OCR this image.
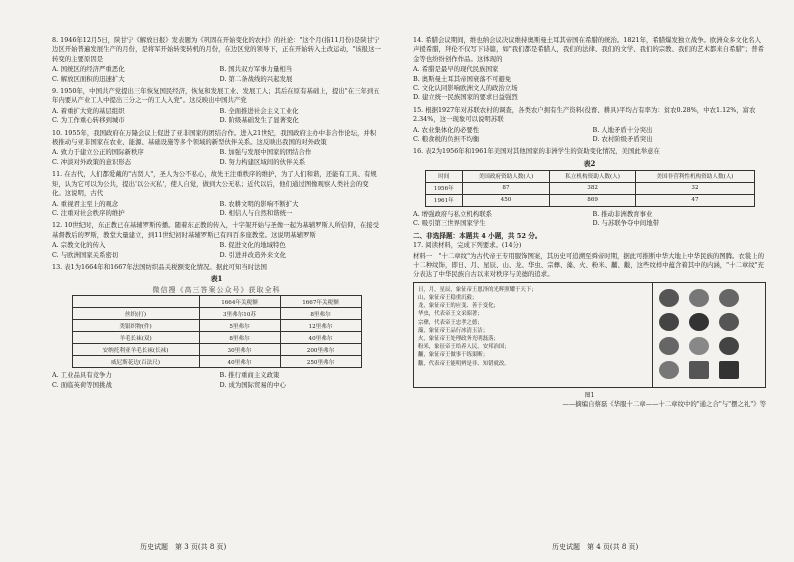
8. 1946年12月5日，陕甘宁《解放日报》发表题为《巩固在开始变化的农村》的社论："这个月(指11月份)是陕甘宁边区开始普遍发展生产的月份，是将军开始转变转机的月份，在边区党的领导下，正在开始转入土改运动，"该报这一转变的主要原因是
A. 国统区的经济严重恶化	B. 国共双方军事力量相当
C. 解放区面积的迅速扩大	D. 第二条战线的兴起发展
9. 1950年，中国共产党提出三年恢复国民经济，恢复和发展工业、发展工人；其后在原有基础上，提出"在三年到五年内要从产业工人中提出三分之一的工人入党"。这反映出中国共产党
A. 着重扩大党的基层组织	B. 全面推进社会主义工业化
C. 为工作重心转移到城市	D. 阶级基础发生了显著变化
10. 1955年，我国政府在万隆会议上促进了亚非国家的团结合作。进入21世纪，我国政府主办中非合作论坛，并积极推动与亚非国家在农业、能源、基础设施等多个领域的新型伙伴关系。这反映出我国的对外政策
A. 致力于建立公正的国际新秩序	B. 加强与发展中国家的团结合作
C. 冲淡对外政策的意识形态	D. 努力构建区域间的伙伴关系
11. 在古代，人们都爱戴的"古贤人"，圣人为公不私心，故先王注重秩序的维护，为了人们和谐，还能有工具、有规矩，认为它可以为公共，提出'以公灭私'，使人自觉，做到大公无私；近代以后，他们通过图像观察人类社会的变化。这说明，古代
A. 重视君主至上的观念	B. 农耕文明的影响不断扩大
C. 注重对社会秩序的维护	D. 相信人与自然和谐统一
12. 10世纪时，东正教已在基辅罗斯传播。随着东正教的传入，十字架开始与圣像一起为基辅罗斯人所信仰，在接受基督教后的罗斯，教堂大量建立，到11世纪初时基辅罗斯已有四百多座教堂。这说明基辅罗斯
A. 宗教文化的传入	B. 促进文化的地域特色
C. 与欧洲国家关系密切	D. 引进并改造外来文化
13. 表1为1664年和1667年法国纺织品关税额变化情况。据此可知当时法国
表1
微信搜《高三答案公众号》获取全科
	1664年关税额	1667年关税额
丝织(打)	3里弗尔10苏	8里弗尔
类银织物(件)	5里弗尔	12里弗尔
羊毛长袜(双)	8里弗尔	40里弗尔
安纳托利亚羊毛长袜(长袜)	30里弗尔	200里弗尔
威尼斯花边(百法尺)	40里弗尔	250里弗尔
A. 工业品具有竞争力	B. 推行重商主义政策
C. 面临英荷等国挑战	D. 成为国际贸易的中心
历史试题　第 3 页(共 8 页)
14. 希腊会议期间，维也纳会议决议维持奥斯曼土耳其帝国在希腊的统治。1821年，希腊爆发独立战争。欧洲众多文化名人声援希腊，拜伦不仅写下诗篇，如"我们都是希腊人，我们的法律、我们的文学、我们的宗教、我们的艺术都来自希腊"；普希金等也纷纷创作作品。这体现的
A. 希腊是最早的现代民族国家
B. 奥斯曼土耳其帝国衰落不可避免
C. 文化认同影响欧洲文人的政治立场
D. 建立统一民族国家的要求日益强烈
15. 根据1927年对苏联农村的调查，各类农户拥有生产资料(役畜、耕具)平均占有率为：贫农0.28%，中农1.12%，富农2.34%，这一现象可以说明苏联
A. 农业集体化的必要性	B. 人地矛盾十分突出
C. 粮食税的负担不均衡	D. 农村阶级矛盾突出
16. 表2为1956年和1961年美国对其他国家的非洲学生的资助变化情况，美国此举意在
表2
时间	美国政府资助人数(人)	私立机构资助人数(人)	美国非营利性机构资助人数(人)
1956年	87	382	32
1961年	450	869	47
A. 增强政府与私立机构联系	B. 推动非洲教育事业
C. 吸引第三世界国家学生	D. 与苏联争夺中间地带
二、非选择题：本题共 4 小题，共 52 分。
17. 阅读材料，完成下列要求。(14分)
材料一　"十二章纹"为古代帝王专用服饰图案，其历史可追溯至舜帝时期，据此可推断中华大地上中华民族的图腾。衣裳上的十二种纹饰，即日、月、星辰、山、龙、华虫、宗彝、藻、火、粉米、黼、黻，这些纹样中蕴含着其中的内涵，"十二章纹"充分表达了中华民族自古以来对秩序与美德的追求。
日，月，星辰，象征帝王恩泽的光辉照耀于天下；
山，象征帝王稳重沉毅；
龙，象征帝王的应变、善于变化；
华虫，代表帝王文采昭著；
宗彝，代表帝王忠孝之德；
藻，象征帝王品行冰清玉洁；
火，象征帝王处理政务光明磊落；
粉米，象征帝王给养人民，安邦治国；
黼，象征帝王做事干练果断；
黻，代表帝王能明辨是非、知错就改。
图1
——摘编自蔡磊《华服十二章——十二章纹中的"通之合"与"摆之礼"》等
历史试题　第 4 页(共 8 页)
